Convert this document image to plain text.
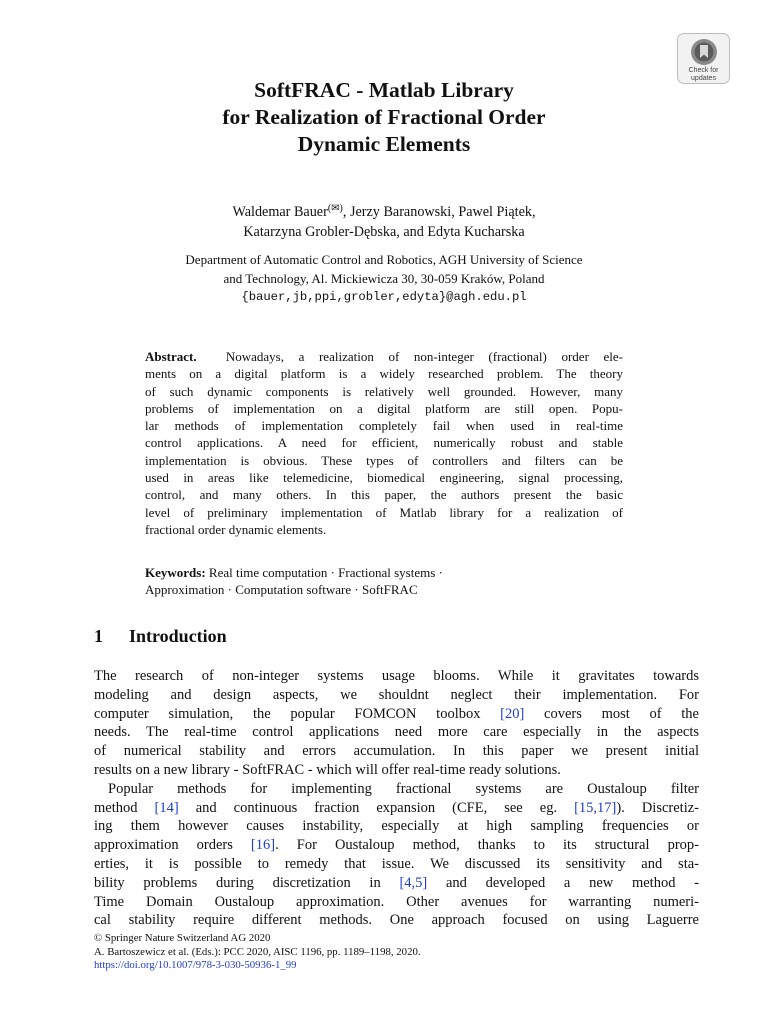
Check for
updates
SoftFRAC - Matlab Library
for Realization of Fractional Order
Dynamic Elements
Waldemar Bauer(✉), Jerzy Baranowski, Pawel Piątek,
Katarzyna Grobler-Dębska, and Edyta Kucharska
Department of Automatic Control and Robotics, AGH University of Science
and Technology, Al. Mickiewicza 30, 30-059 Kraków, Poland
{bauer,jb,ppi,grobler,edyta}@agh.edu.pl
Abstract. Nowadays, a realization of non-integer (fractional) order ele-
ments on a digital platform is a widely researched problem. The theory
of such dynamic components is relatively well grounded. However, many
problems of implementation on a digital platform are still open. Popu-
lar methods of implementation completely fail when used in real-time
control applications. A need for efficient, numerically robust and stable
implementation is obvious. These types of controllers and filters can be
used in areas like telemedicine, biomedical engineering, signal processing,
control, and many others. In this paper, the authors present the basic
level of preliminary implementation of Matlab library for a realization of
fractional order dynamic elements.
Keywords: Real time computation · Fractional systems ·
Approximation · Computation software · SoftFRAC
1 Introduction
The research of non-integer systems usage blooms. While it gravitates towards
modeling and design aspects, we shouldnt neglect their implementation. For
computer simulation, the popular FOMCON toolbox [20] covers most of the
needs. The real-time control applications need more care especially in the aspects
of numerical stability and errors accumulation. In this paper we present initial
results on a new library - SoftFRAC - which will offer real-time ready solutions.
Popular methods for implementing fractional systems are Oustaloup filter
method [14] and continuous fraction expansion (CFE, see eg. [15,17]). Discretiz-
ing them however causes instability, especially at high sampling frequencies or
approximation orders [16]. For Oustaloup method, thanks to its structural prop-
erties, it is possible to remedy that issue. We discussed its sensitivity and sta-
bility problems during discretization in [4,5] and developed a new method -
Time Domain Oustaloup approximation. Other avenues for warranting numeri-
cal stability require different methods. One approach focused on using Laguerre
© Springer Nature Switzerland AG 2020
A. Bartoszewicz et al. (Eds.): PCC 2020, AISC 1196, pp. 1189–1198, 2020.
https://doi.org/10.1007/978-3-030-50936-1_99
